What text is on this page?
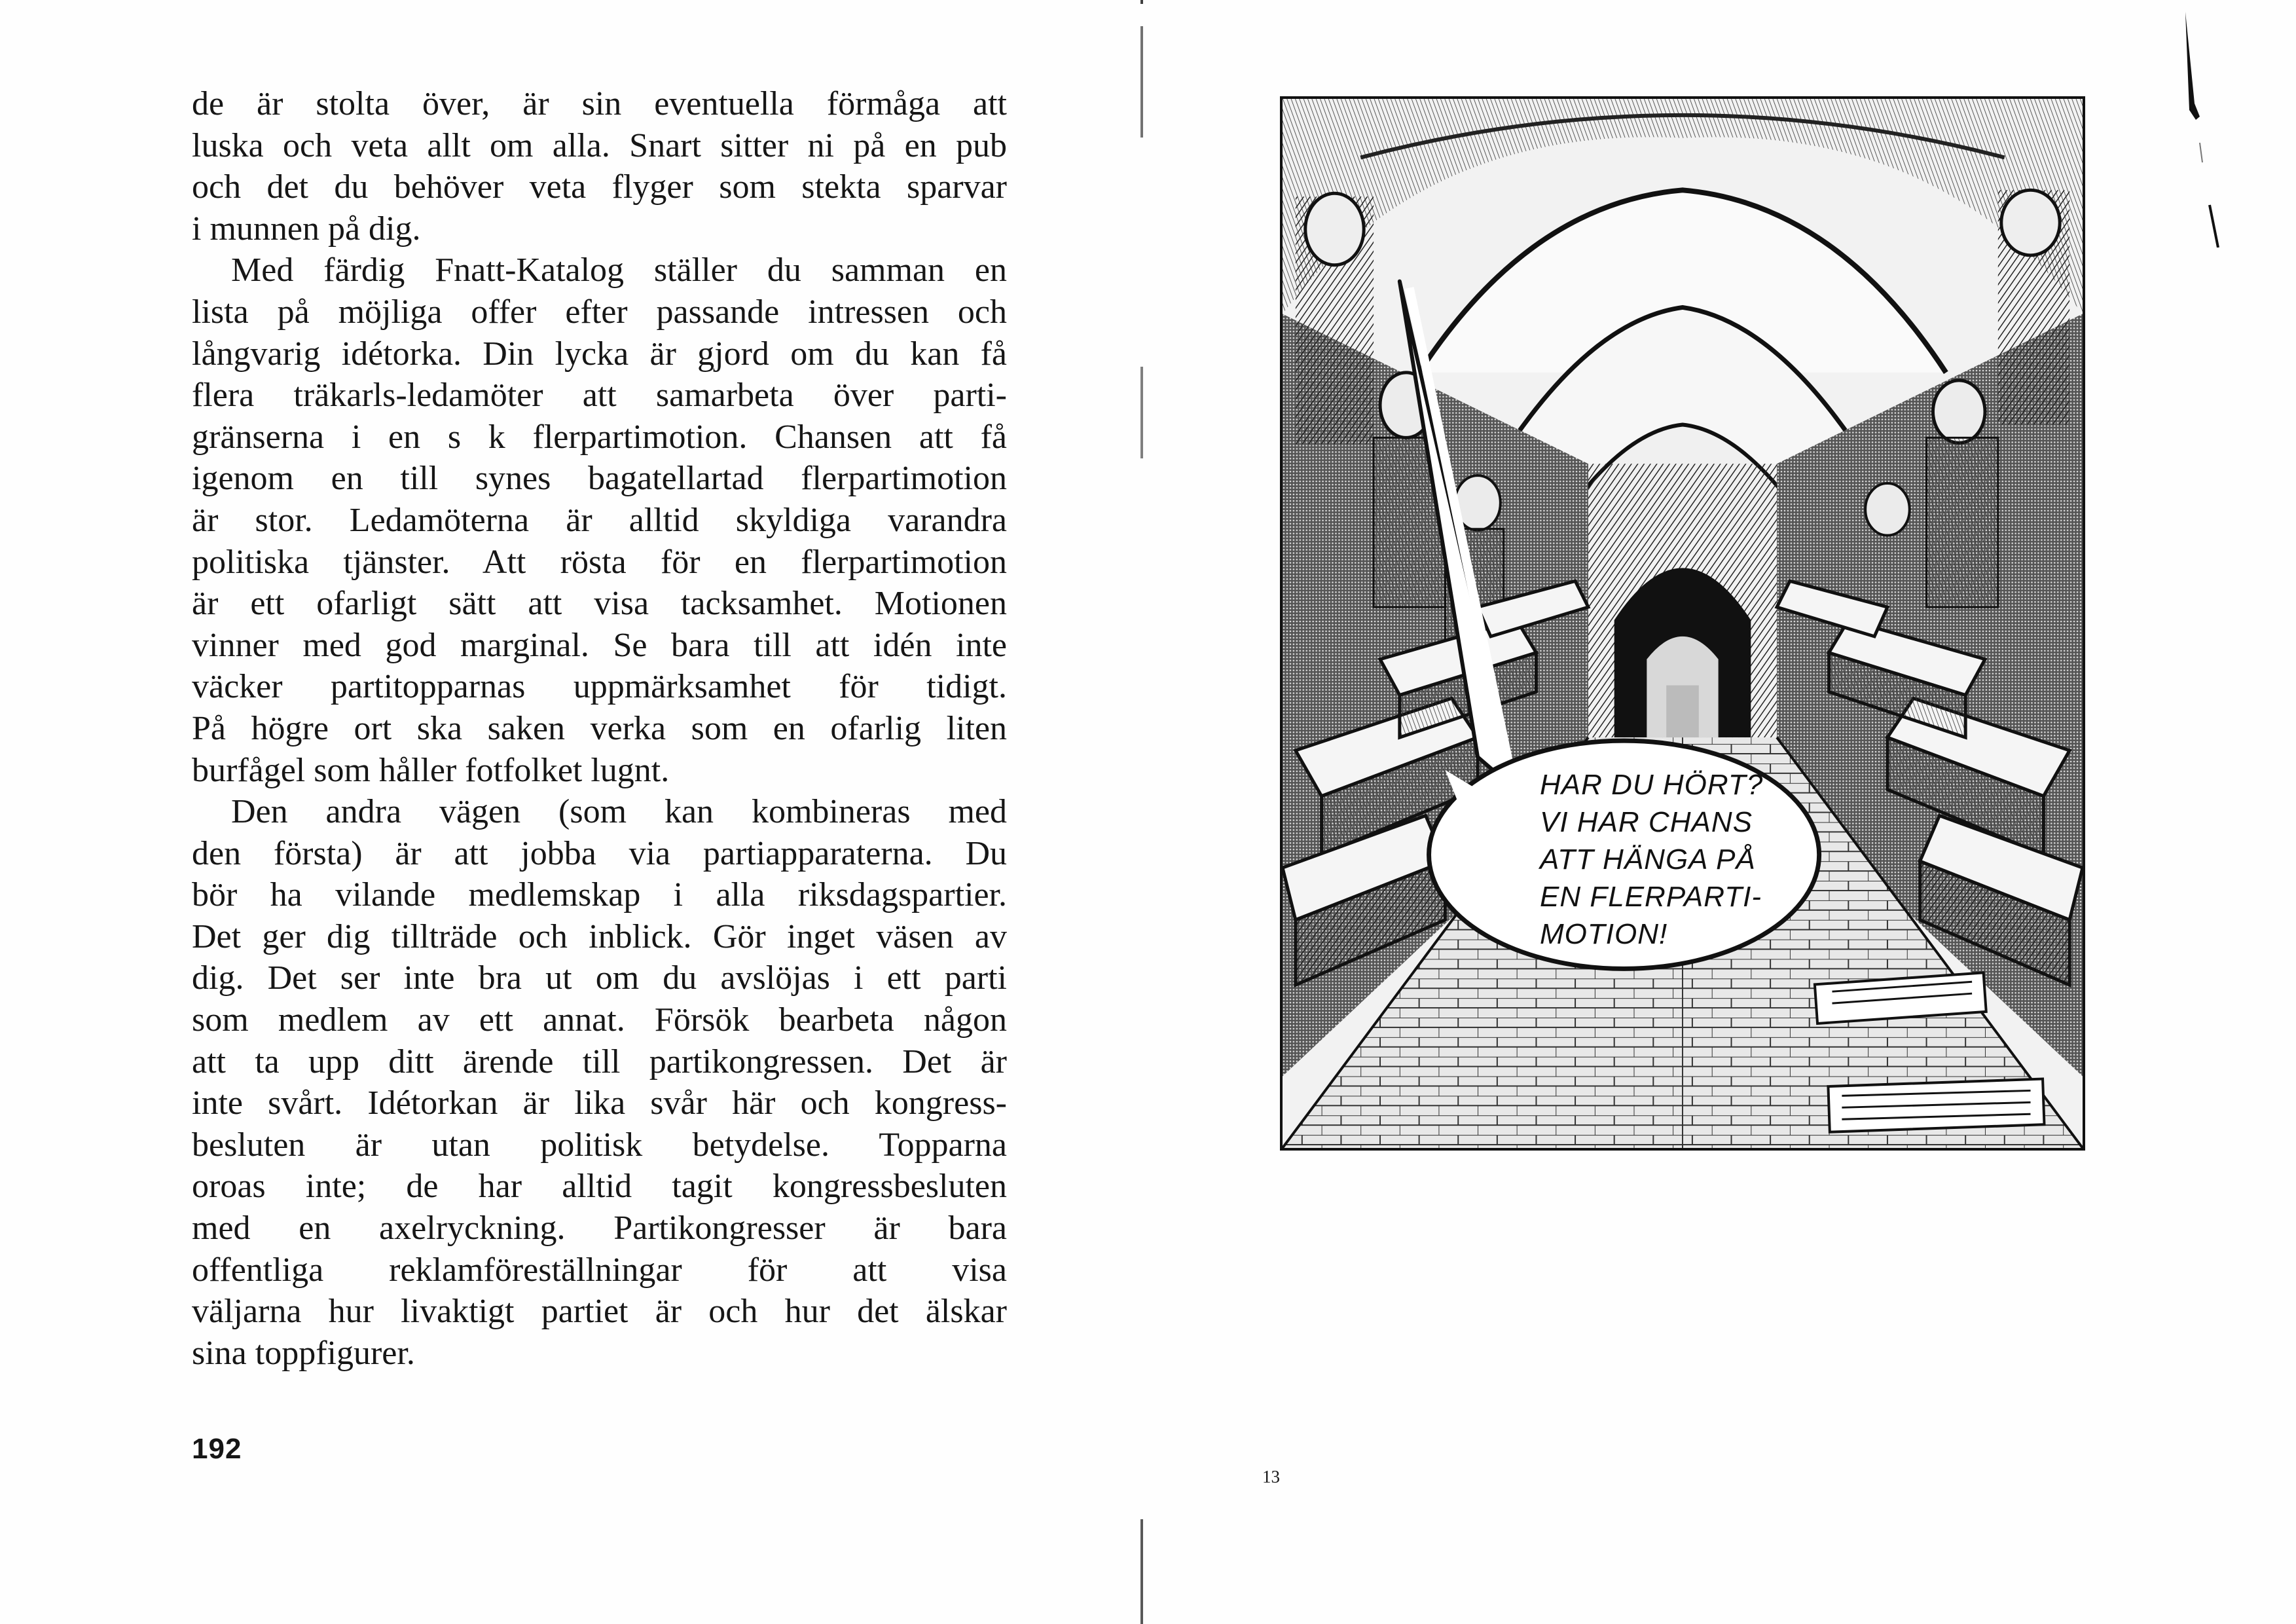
de är stolta över, är sin eventuella förmåga att
luska och veta allt om alla. Snart sitter ni på en pub
och det du behöver veta flyger som stekta sparvar
i munnen på dig.

Med färdig Fnatt-Katalog ställer du samman en
lista på möjliga offer efter passande intressen och
långvarig idétorka. Din lycka är gjord om du kan få
flera träkarls-ledamöter att samarbeta över parti-
gränserna i en s k flerpartimotion. Chansen att få
igenom en till synes bagatellartad flerpartimotion
är stor. Ledamöterna är alltid skyldiga varandra
politiska tjänster. Att rösta för en flerpartimotion
är ett ofarligt sätt att visa tacksamhet. Motionen
vinner med god marginal. Se bara till att idén inte
väcker partitopparnas uppmärksamhet för tidigt.
På högre ort ska saken verka som en ofarlig liten
burfågel som håller fotfolket lugnt.

Den andra vägen (som kan kombineras med
den första) är att jobba via partiapparaterna. Du
bör ha vilande medlemskap i alla riksdagspartier.
Det ger dig tillträde och inblick. Gör inget väsen av
dig. Det ser inte bra ut om du avslöjas i ett parti
som medlem av ett annat. Försök bearbeta någon
att ta upp ditt ärende till partikongressen. Det är
inte svårt. Idétorkan är lika svår här och kongress-
besluten är utan politisk betydelse. Topparna
oroas inte; de har alltid tagit kongressbesluten
med en axelryckning. Partikongresser är bara
offentliga reklamföreställningar för att visa
väljarna hur livaktigt partiet är och hur det älskar
sina toppfigurer.

192
13
HAR DU HÖRT?
VI HAR CHANS
ATT HÄNGA PÅ
EN FLERPARTI-
MOTION!
